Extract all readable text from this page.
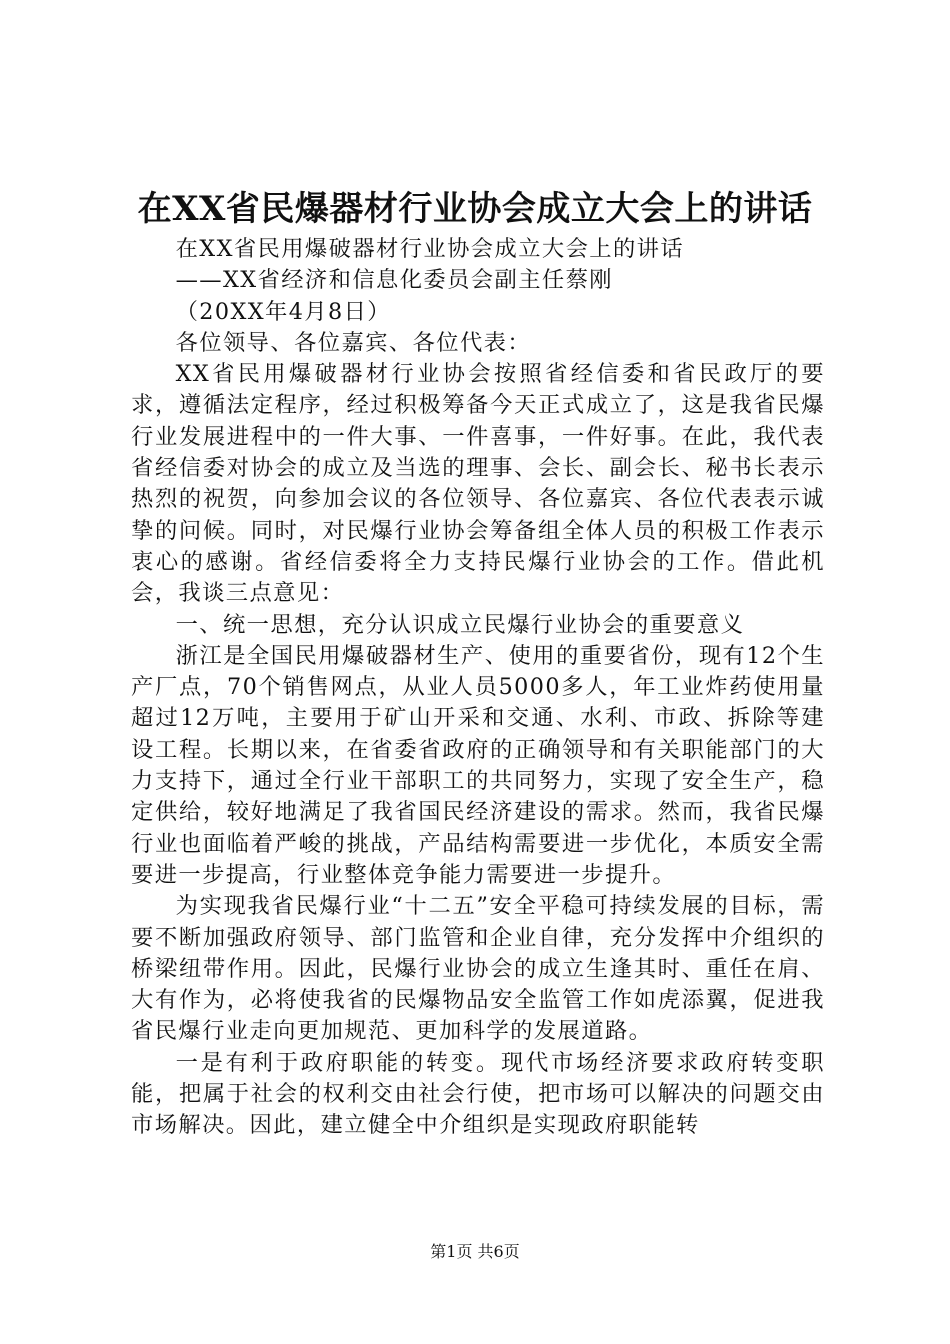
在XX省民爆器材行业协会成立大会上的讲话

在XX省民用爆破器材行业协会成立大会上的讲话

——XX省经济和信息化委员会副主任蔡刚

（20XX年4月8日）

各位领导、各位嘉宾、各位代表：

XX省民用爆破器材行业协会按照省经信委和省民政厅的要求，遵循法定程序，经过积极筹备今天正式成立了，这是我省民爆行业发展进程中的一件大事、一件喜事，一件好事。在此，我代表省经信委对协会的成立及当选的理事、会长、副会长、秘书长表示热烈的祝贺，向参加会议的各位领导、各位嘉宾、各位代表表示诚挚的问候。同时，对民爆行业协会筹备组全体人员的积极工作表示衷心的感谢。省经信委将全力支持民爆行业协会的工作。借此机会，我谈三点意见：

一、统一思想，充分认识成立民爆行业协会的重要意义

浙江是全国民用爆破器材生产、使用的重要省份，现有12个生产厂点，70个销售网点，从业人员5000多人，年工业炸药使用量超过12万吨，主要用于矿山开采和交通、水利、市政、拆除等建设工程。长期以来，在省委省政府的正确领导和有关职能部门的大力支持下，通过全行业干部职工的共同努力，实现了安全生产，稳定供给，较好地满足了我省国民经济建设的需求。然而，我省民爆行业也面临着严峻的挑战，产品结构需要进一步优化，本质安全需要进一步提高，行业整体竞争能力需要进一步提升。

为实现我省民爆行业“十二五”安全平稳可持续发展的目标，需要不断加强政府领导、部门监管和企业自律，充分发挥中介组织的桥梁纽带作用。因此，民爆行业协会的成立生逢其时、重任在肩、大有作为，必将使我省的民爆物品安全监管工作如虎添翼，促进我省民爆行业走向更加规范、更加科学的发展道路。

一是有利于政府职能的转变。现代市场经济要求政府转变职能，把属于社会的权利交由社会行使，把市场可以解决的问题交由市场解决。因此，建立健全中介组织是实现政府职能转

第1页 共6页
